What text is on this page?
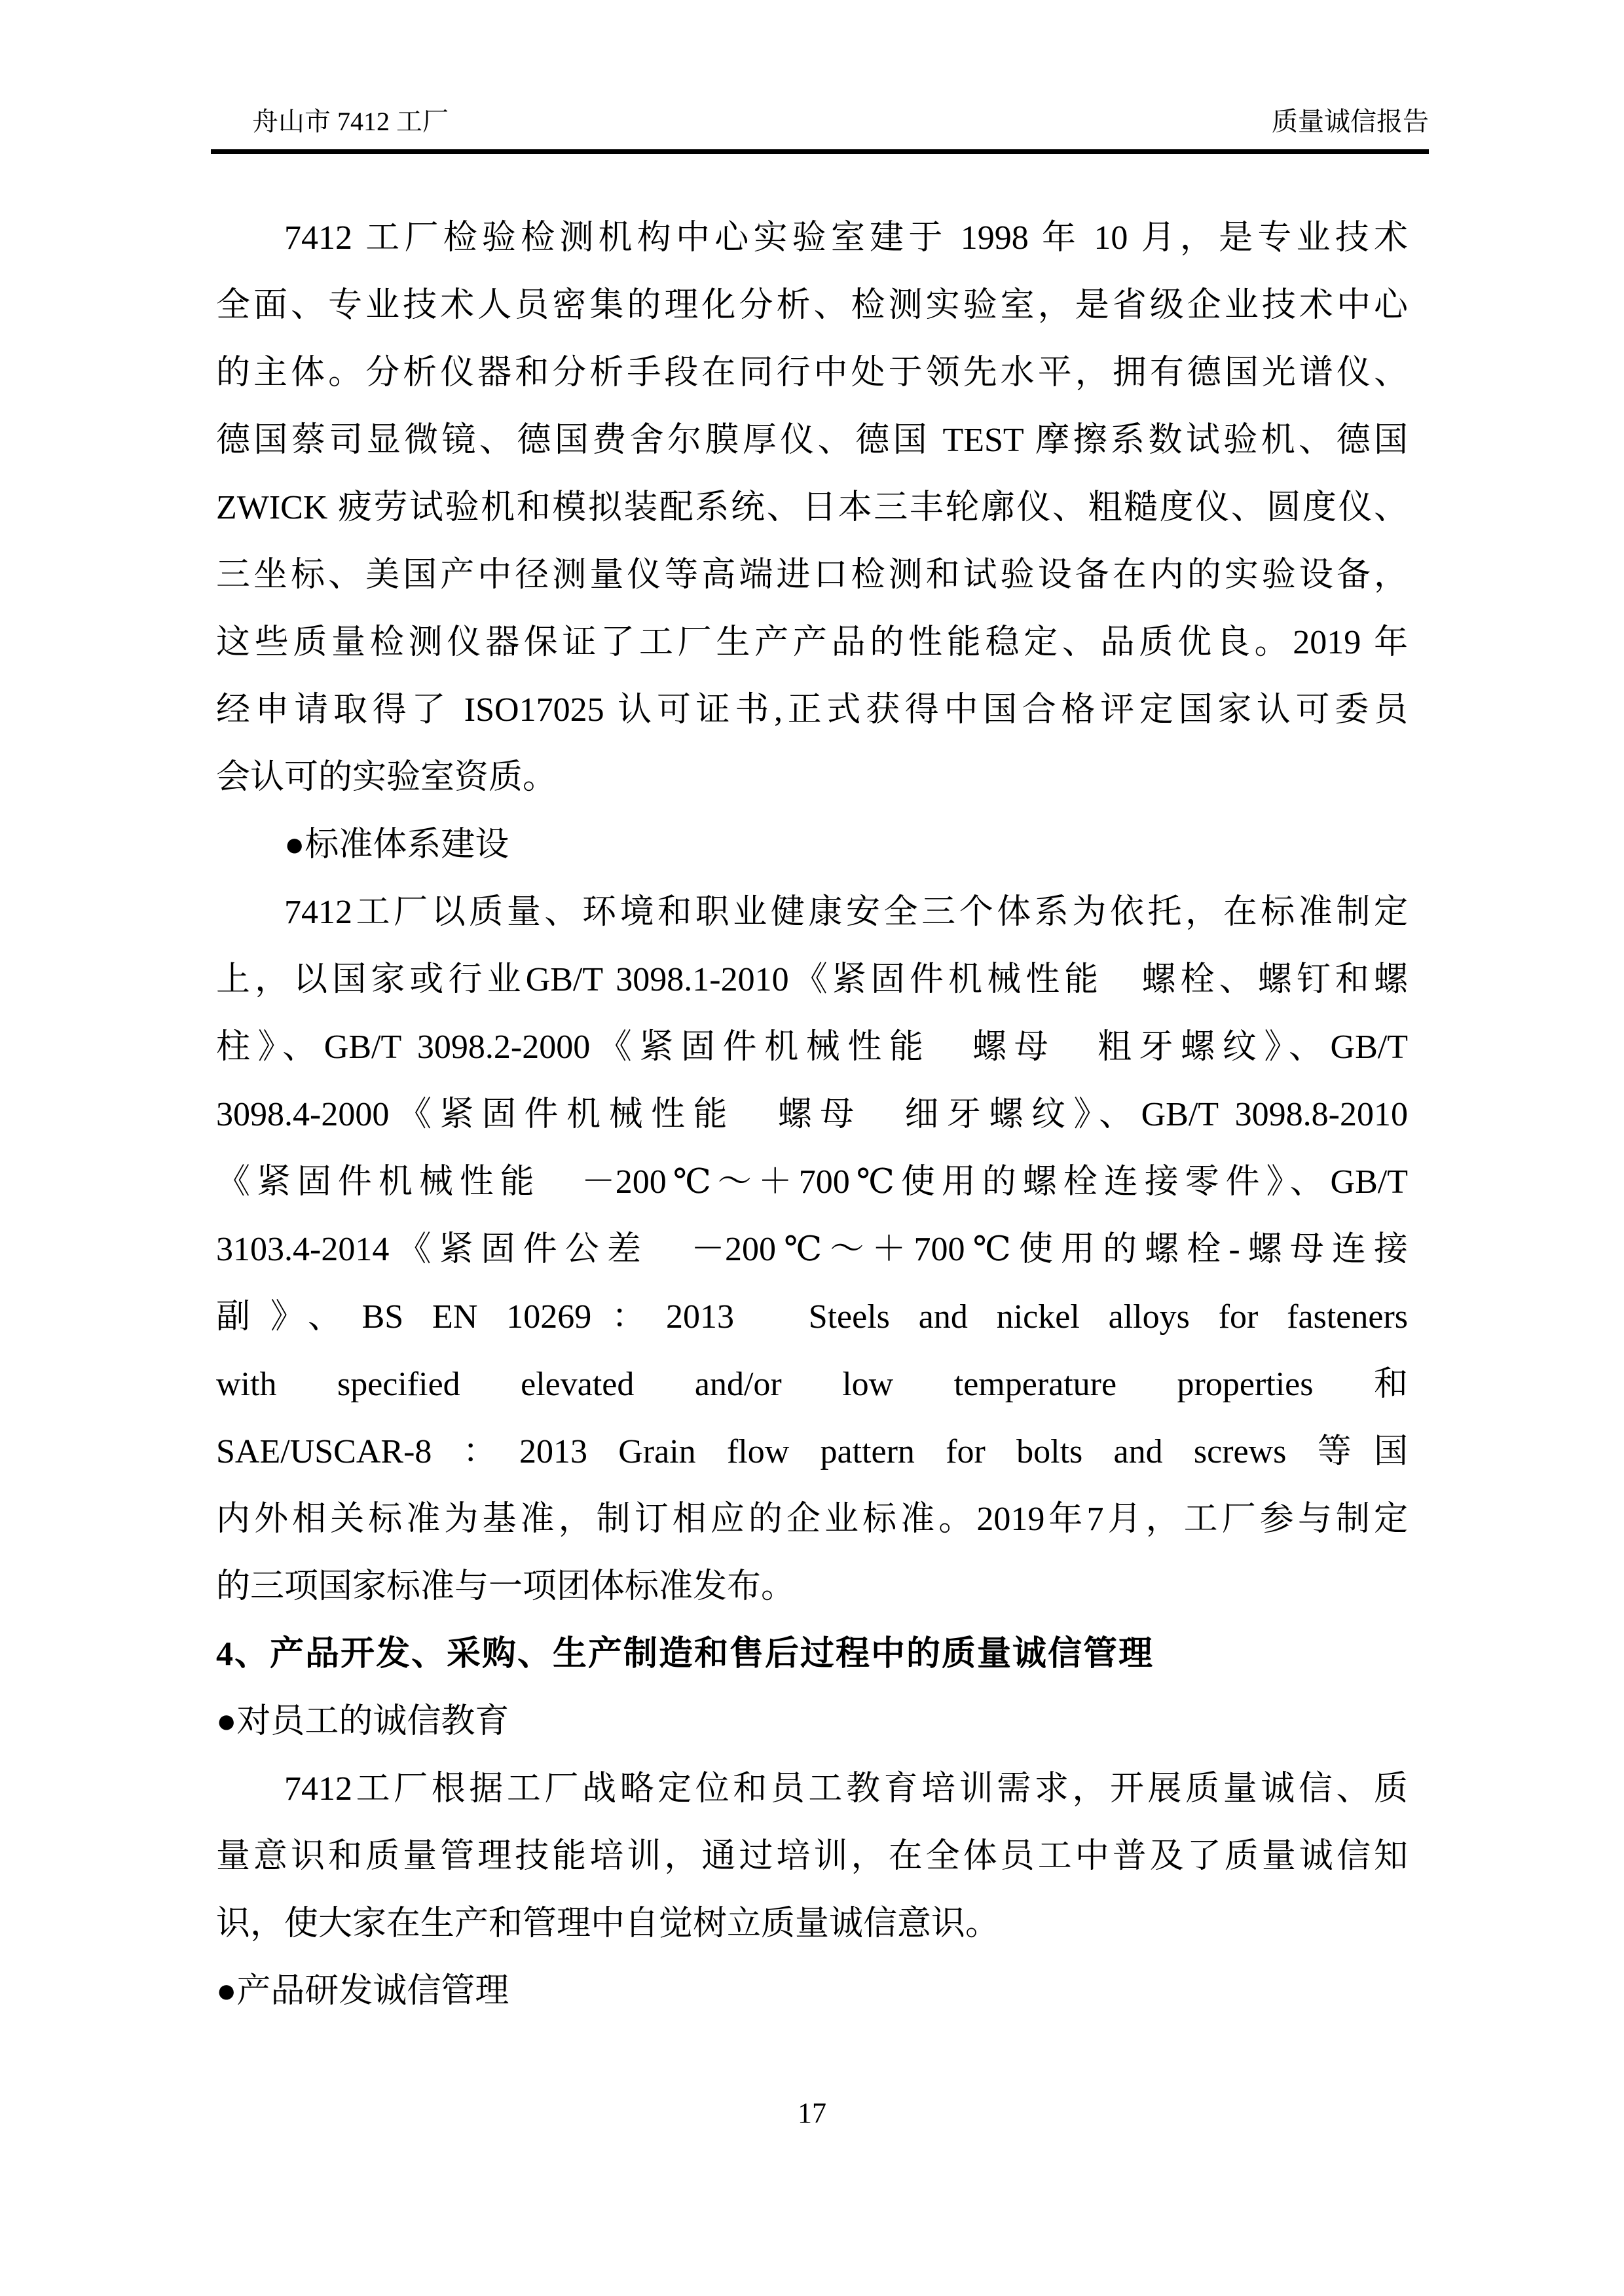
舟山市 7412 工厂	质量诚信报告
7412 工厂检验检测机构中心实验室建于 1998 年 10 月，是专业技术
全面、专业技术人员密集的理化分析、检测实验室，是省级企业技术中心
的主体。分析仪器和分析手段在同行中处于领先水平，拥有德国光谱仪、
德国蔡司显微镜、德国费舍尔膜厚仪、德国 TEST 摩擦系数试验机、德国
ZWICK 疲劳试验机和模拟装配系统、日本三丰轮廓仪、粗糙度仪、圆度仪、
三坐标、美国产中径测量仪等高端进口检测和试验设备在内的实验设备，
这些质量检测仪器保证了工厂生产产品的性能稳定、品质优良。2019 年
经申请取得了 ISO17025 认可证书,正式获得中国合格评定国家认可委员
会认可的实验室资质。
●标准体系建设
7412工厂以质量、环境和职业健康安全三个体系为依托，在标准制定
上，以国家或行业GB/T 3098.1-2010《紧固件机械性能　螺栓、螺钉和螺
柱》、GB/T 3098.2-2000《紧固件机械性能　螺母　粗牙螺纹》、GB/T
3098.4-2000《紧固件机械性能　螺母　细牙螺纹》、GB/T 3098.8-2010
《紧固件机械性能　－200℃～＋700℃使用的螺栓连接零件》、GB/T
3103.4-2014《紧固件公差　－200℃～＋700℃使用的螺栓-螺母连接
副》、BS EN 10269：2013　Steels and nickel alloys for fasteners
with specified elevated and/or low temperature properties 和
SAE/USCAR-8 ：2013 Grain flow pattern for bolts and screws 等国
内外相关标准为基准，制订相应的企业标准。2019年7月，工厂参与制定
的三项国家标准与一项团体标准发布。
4、产品开发、采购、生产制造和售后过程中的质量诚信管理
●对员工的诚信教育
7412工厂根据工厂战略定位和员工教育培训需求，开展质量诚信、质
量意识和质量管理技能培训，通过培训，在全体员工中普及了质量诚信知
识，使大家在生产和管理中自觉树立质量诚信意识。
●产品研发诚信管理
17
